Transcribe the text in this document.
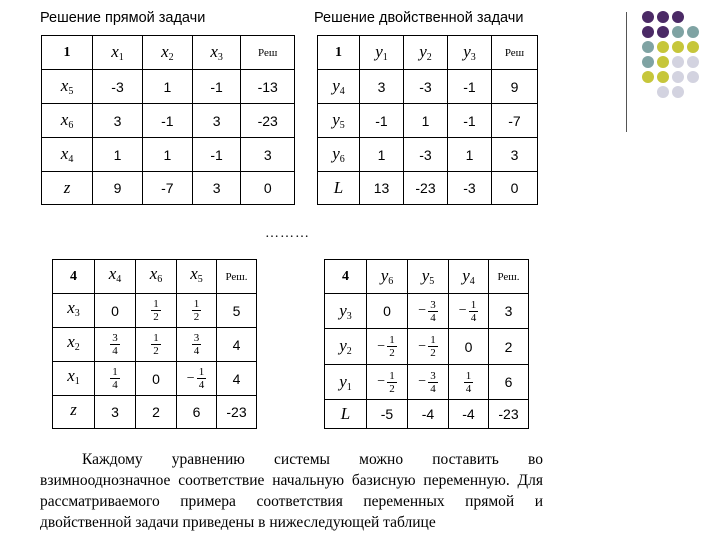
Решение прямой задачи	Решение двойственной задачи
1	$x_1$	$x_2$	$x_3$	Реш
$x_5$	-3	1	-1	-13
$x_6$	3	-1	3	-23
$x_4$	1	1	-1	3
z	9	-7	3	0
1	$y_1$	$y_2$	$y_3$	Реш
$y_4$	3	-3	-1	9
$y_5$	-1	1	-1	-7
$y_6$	1	-3	1	3
L	13	-23	-3	0
………
4	$x_4$	$x_6$	$x_5$	Реш.
$x_3$	0	$\frac{1}{2}$	$\frac{1}{2}$	5
$x_2$	$\frac{3}{4}$	$\frac{1}{2}$	$\frac{3}{4}$	4
$x_1$	$\frac{1}{4}$	0	− $\frac{1}{4}$	4
z	3	2	6	-23
4	$y_6$	$y_5$	$y_4$	Реш.
$y_3$	0	− $\frac{3}{4}$	− $\frac{1}{4}$	3
$y_2$	− $\frac{1}{2}$	− $\frac{1}{2}$	0	2
$y_1$	− $\frac{1}{2}$	− $\frac{3}{4}$	$\frac{1}{4}$	6
L	-5	-4	-4	-23

Каждому уравнению системы можно поставить во взимнооднозначное соответствие начальную базисную переменную. Для рассматриваемого примера соответствия переменных прямой и двойственной задачи приведены в нижеследующей таблице
